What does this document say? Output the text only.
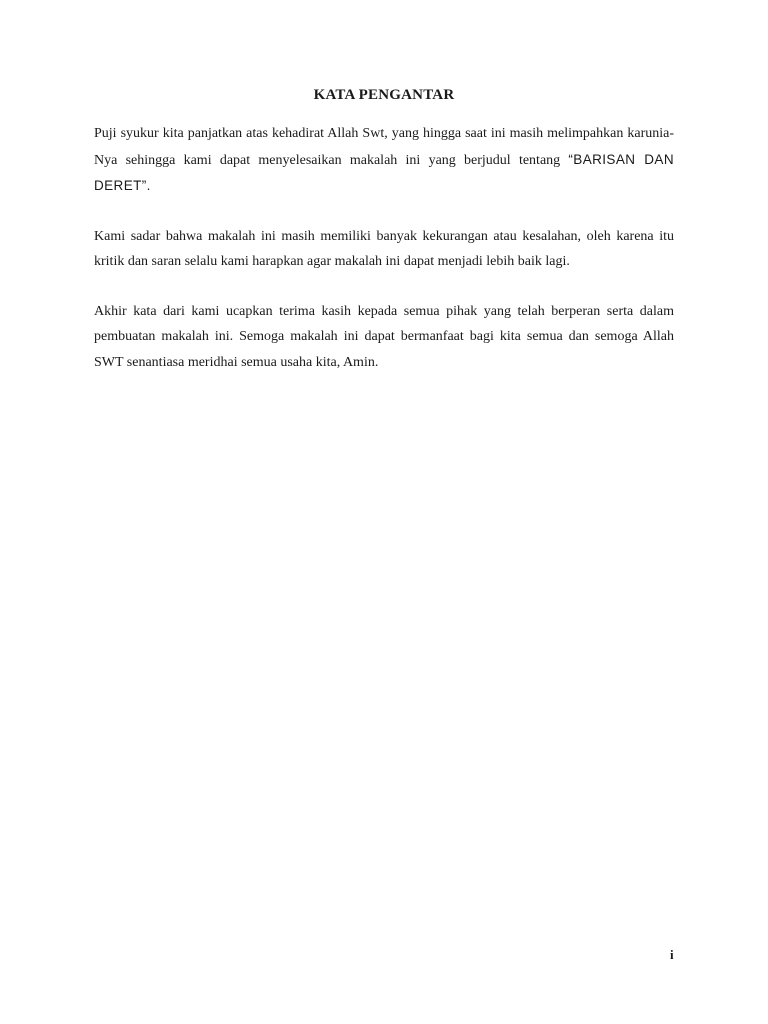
KATA PENGANTAR

Puji syukur kita panjatkan atas kehadirat Allah Swt, yang hingga saat ini masih melimpahkan karunia-Nya sehingga kami dapat menyelesaikan makalah ini yang berjudul tentang “BARISAN DAN DERET”.

Kami sadar bahwa makalah ini masih memiliki banyak kekurangan atau kesalahan, oleh karena itu kritik dan saran selalu kami harapkan agar makalah ini dapat menjadi lebih baik lagi.

Akhir kata dari kami ucapkan terima kasih kepada semua pihak yang telah berperan serta dalam pembuatan makalah ini. Semoga makalah ini dapat bermanfaat bagi kita semua dan semoga Allah SWT senantiasa meridhai semua usaha kita, Amin.

i
